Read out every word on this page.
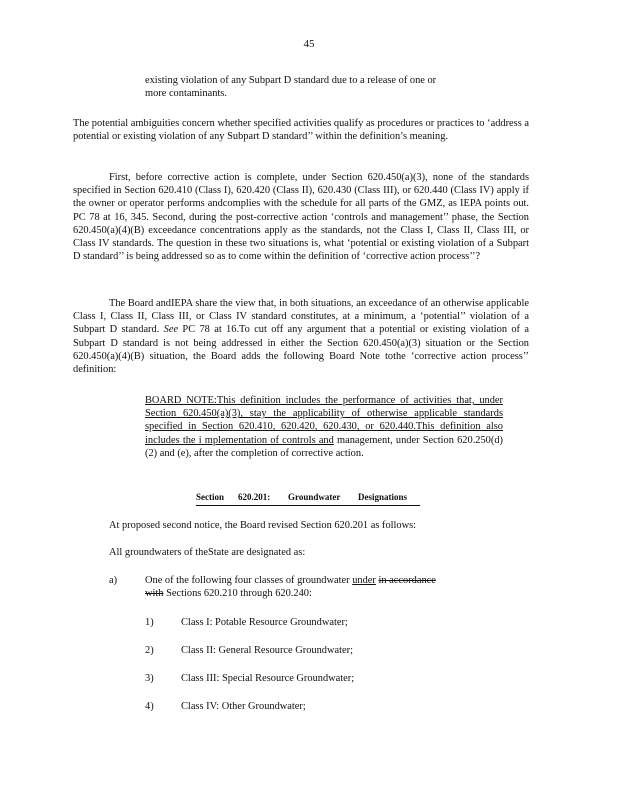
45
existing violation of any Subpart D standard due to a release of one or
more contaminants.
The potential ambiguities concern whether specified activities qualify as procedures or practices to ‘address a potential or existing violation of any Subpart D standard’’ within the definition’s meaning.
First, before corrective action is complete, under Section 620.450(a)(3), none of the standards specified in Section 620.410 (Class I), 620.420 (Class II), 620.430 (Class III), or 620.440 (Class IV) apply if the owner or operator performs andcomplies with the schedule for all parts of the GMZ, as IEPA points out. PC 78 at 16, 345. Second, during the post-corrective action ‘controls and management’’ phase, the Section 620.450(a)(4)(B) exceedance concentrations apply as the standards, not the Class I, Class II, Class III, or Class IV standards. The question in these two situations is, what ‘potential or existing violation of a Subpart D standard’’ is being addressed so as to come within the definition of ‘corrective action process’’?
The Board andIEPA share the view that, in both situations, an exceedance of an otherwise applicable Class I, Class II, Class III, or Class IV standard constitutes, at a minimum, a ‘potential’’ violation of a Subpart D standard. See PC 78 at 16.To cut off any argument that a potential or existing violation of a Subpart D standard is not being addressed in either the Section 620.450(a)(3) situation or the Section 620.450(a)(4)(B) situation, the Board adds the following Board Note tothe ‘corrective action process’’ definition:
BOARD NOTE:This definition includes the performance of activities that, under Section 620.450(a)(3), stay the applicability of otherwise applicable standards specified in Section 620.410, 620.420, 620.430, or 620.440.This definition also includes the i mplementation of controls and management, under Section 620.250(d)(2) and (e), after the completion of corrective action.
Section 620.201: Groundwater Designations
At proposed second notice, the Board revised Section 620.201 as follows:
All groundwaters of theState are designated as:
a)	One of the following four classes of groundwater under in accordance
with Sections 620.210 through 620.240:
1)	Class I: Potable Resource Groundwater;
2)	Class II: General Resource Groundwater;
3)	Class III: Special Resource Groundwater;
4)	Class IV: Other Groundwater;
